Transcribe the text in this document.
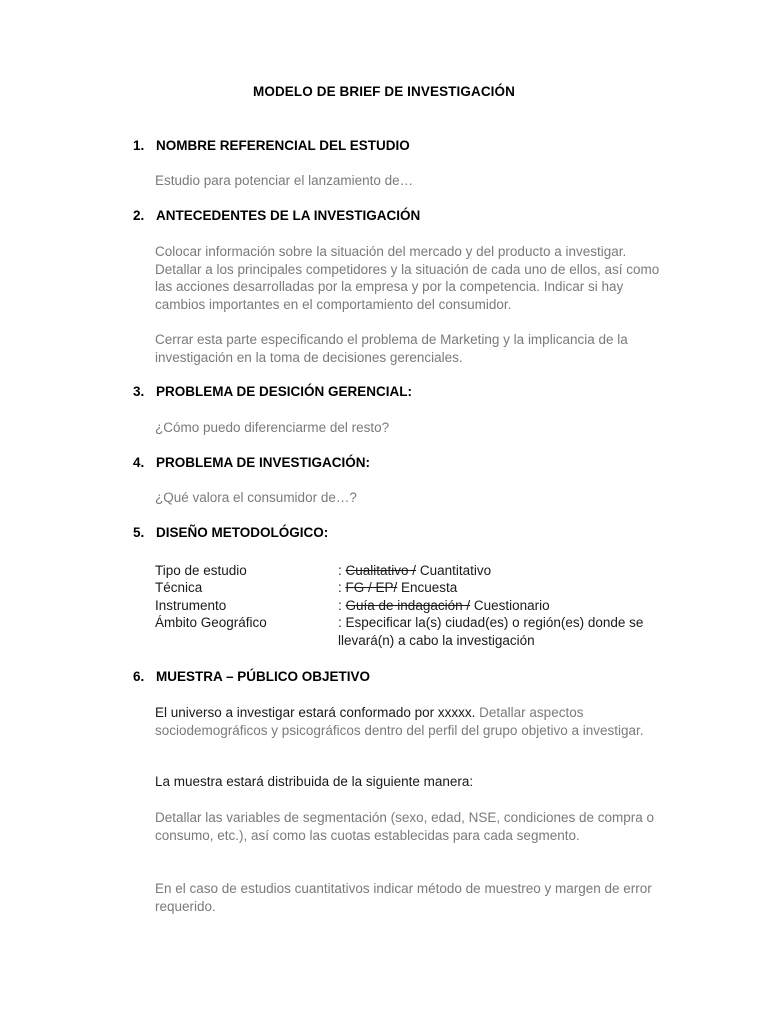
MODELO DE BRIEF DE INVESTIGACIÓN
1. NOMBRE REFERENCIAL DEL ESTUDIO
Estudio para potenciar el lanzamiento de…
2. ANTECEDENTES DE LA INVESTIGACIÓN
Colocar información sobre la situación del mercado y del producto a investigar. Detallar a los principales competidores y la situación de cada uno de ellos, así como las acciones desarrolladas por la empresa y por la competencia. Indicar si hay cambios importantes en el comportamiento del consumidor.
Cerrar esta parte especificando el problema de Marketing y la implicancia de la investigación en la toma de decisiones gerenciales.
3. PROBLEMA DE DESICIÓN GERENCIAL:
¿Cómo puedo diferenciarme del resto?
4. PROBLEMA DE INVESTIGACIÓN:
¿Qué valora el consumidor de…?
5. DISEÑO METODOLÓGICO:
Tipo de estudio	: Cualitativo / Cuantitativo
Técnica	: FG / EP/ Encuesta
Instrumento	: Guía de indagación / Cuestionario
Ámbito Geográfico	: Especificar la(s) ciudad(es) o región(es) donde se llevará(n) a cabo la investigación
6. MUESTRA – PÚBLICO OBJETIVO
El universo a investigar estará conformado por xxxxx. Detallar aspectos sociodemográficos y psicográficos dentro del perfil del grupo objetivo a investigar.
La muestra estará distribuida de la siguiente manera:
Detallar las variables de segmentación (sexo, edad, NSE, condiciones de compra o consumo, etc.), así como las cuotas establecidas para cada segmento.
En el caso de estudios cuantitativos indicar método de muestreo y margen de error requerido.
